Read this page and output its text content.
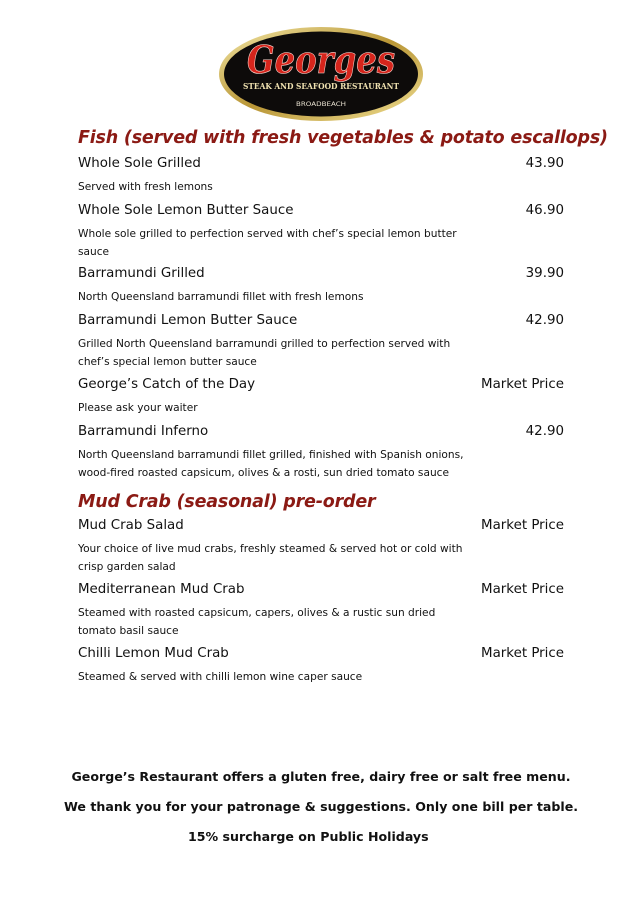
Georges
STEAK AND SEAFOOD RESTAURANT
BROADBEACH
Fish (served with fresh vegetables & potato escallops)
Whole Sole Grilled	43.90
Served with fresh lemons
Whole Sole Lemon Butter Sauce	46.90
Whole sole grilled to perfection served with chef’s special lemon butter sauce
Barramundi Grilled	39.90
North Queensland barramundi fillet with fresh lemons
Barramundi Lemon Butter Sauce	42.90
Grilled North Queensland barramundi grilled to perfection served with chef’s special lemon butter sauce
George’s Catch of the Day	Market Price
Please ask your waiter
Barramundi Inferno	42.90
North Queensland barramundi fillet grilled, finished with Spanish onions, wood-fired roasted capsicum, olives & a rosti, sun dried tomato sauce
Mud Crab (seasonal) pre-order
Mud Crab Salad	Market Price
Your choice of live mud crabs, freshly steamed & served hot or cold with crisp garden salad
Mediterranean Mud Crab	Market Price
Steamed with roasted capsicum, capers, olives & a rustic sun dried tomato basil sauce
Chilli Lemon Mud Crab	Market Price
Steamed & served with chilli lemon wine caper sauce

George’s Restaurant offers a gluten free, dairy free or salt free menu.

We thank you for your patronage & suggestions. Only one bill per table.

15% surcharge on Public Holidays
